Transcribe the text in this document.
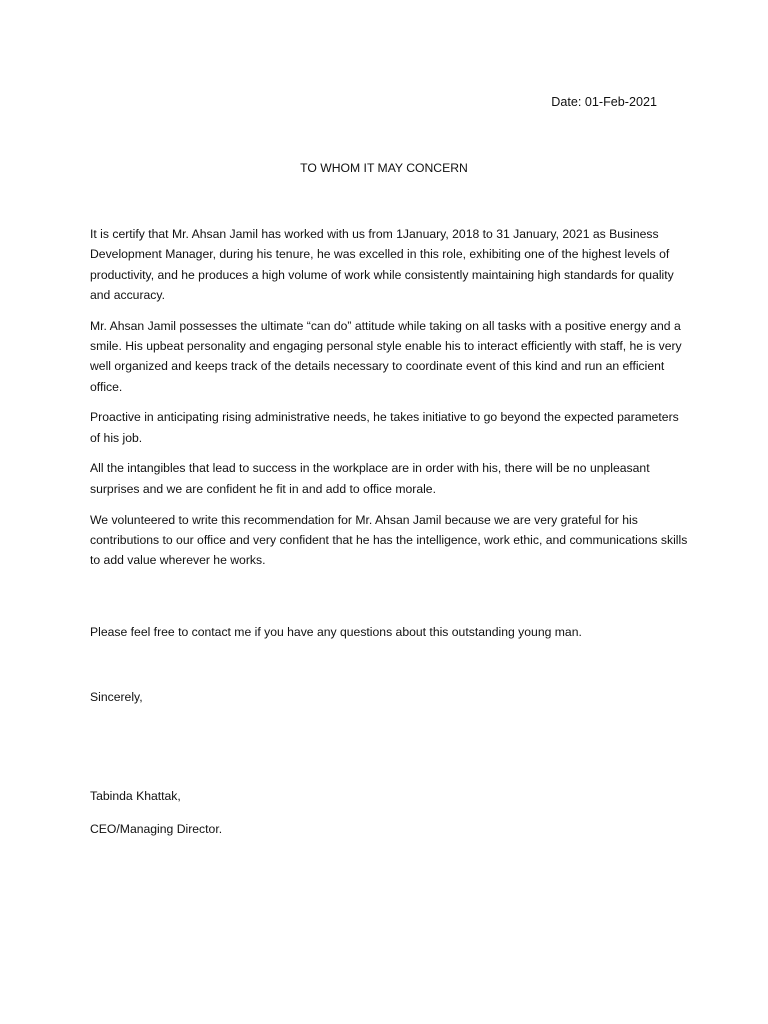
Date: 01-Feb-2021
TO WHOM IT MAY CONCERN

It is certify that Mr. Ahsan Jamil has worked with us from 1January, 2018 to 31 January, 2021 as Business Development Manager, during his tenure, he was excelled in this role, exhibiting one of the highest levels of productivity, and he produces a high volume of work while consistently maintaining high standards for quality and accuracy.

Mr. Ahsan Jamil possesses the ultimate “can do” attitude while taking on all tasks with a positive energy and a smile. His upbeat personality and engaging personal style enable his to interact efficiently with staff, he is very well organized and keeps track of the details necessary to coordinate event of this kind and run an efficient office.

Proactive in anticipating rising administrative needs, he takes initiative to go beyond the expected parameters of his job.

All the intangibles that lead to success in the workplace are in order with his, there will be no unpleasant surprises and we are confident he fit in and add to office morale.

We volunteered to write this recommendation for Mr. Ahsan Jamil because we are very grateful for his contributions to our office and very confident that he has the intelligence, work ethic, and communications skills to add value wherever he works.

Please feel free to contact me if you have any questions about this outstanding young man.

Sincerely,

Tabinda Khattak,

CEO/Managing Director.
